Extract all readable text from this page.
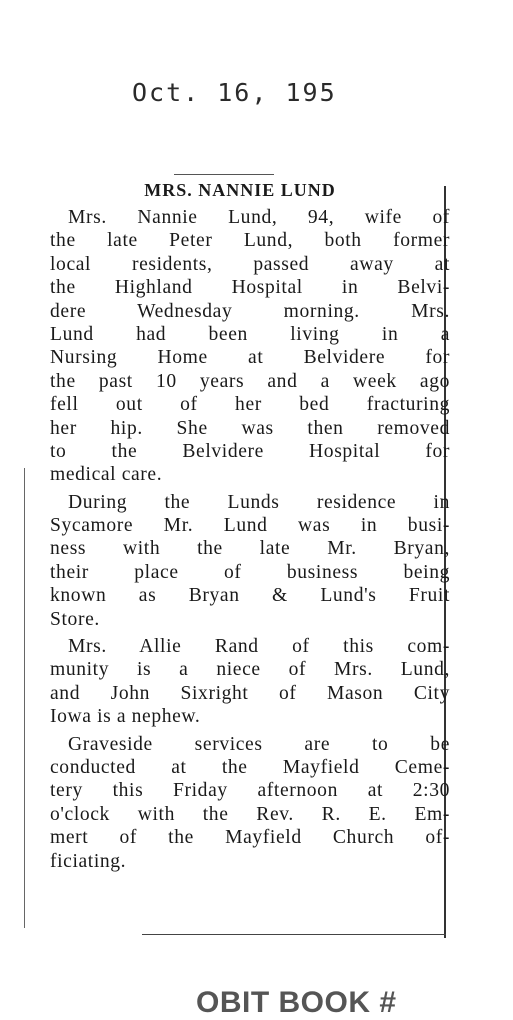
Oct. 16, 195
MRS. NANNIE LUND
Mrs. Nannie Lund, 94, wife of
the late Peter Lund, both former
local residents, passed away at
the Highland Hospital in Belvi-
dere Wednesday morning. Mrs.
Lund had been living in a
Nursing Home at Belvidere for
the past 10 years and a week ago
fell out of her bed fracturing
her hip. She was then removed
to the Belvidere Hospital for
medical care.
During the Lunds residence in
Sycamore Mr. Lund was in busi-
ness with the late Mr. Bryan,
their place of business being
known as Bryan & Lund's Fruit
Store.
Mrs. Allie Rand of this com-
munity is a niece of Mrs. Lund,
and John Sixright of Mason City
Iowa is a nephew.
Graveside services are to be
conducted at the Mayfield Ceme-
tery this Friday afternoon at 2:30
o'clock with the Rev. R. E. Em-
mert of the Mayfield Church of-
ficiating.
OBIT BOOK #
